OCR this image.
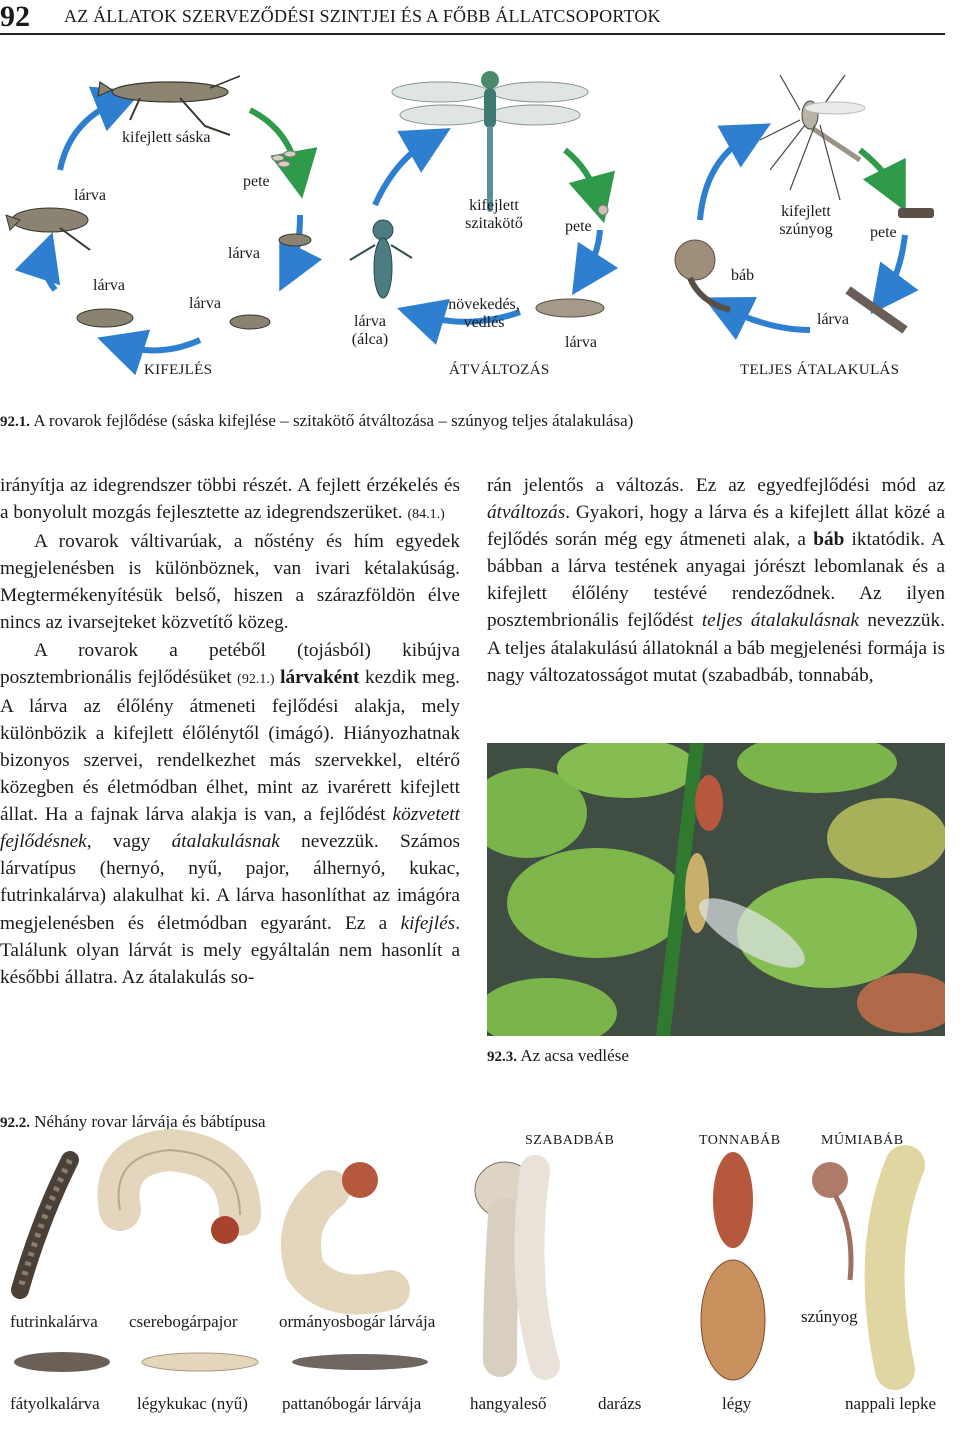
92 AZ ÁLLATOK SZERVEZŐDÉSI SZINTJEI ÉS A FŐBB ÁLLATCSOPORTOK
kifejlett sáska
pete
lárva
lárva
lárva
lárva
KIFEJLÉS
kifejlett szitakötő	pete
növekedés, vedlés
lárva
lárva (álca)
ÁTVÁLTOZÁS
kifejlett szúnyog	pete
báb
lárva
TELJES ÁTALAKULÁS
92.1. A rovarok fejlődése (sáska kifejlése – szitakötő átváltozása – szúnyog teljes átalakulása)

irányítja az idegrendszer többi részét. A fejlett érzékelés és a bonyolult mozgás fejlesztette az idegrendszerüket. (84.1.)

A rovarok váltivarúak, a nőstény és hím egyedek megjelenésben is különböznek, van ivari kétalakúság. Megtermékenyítésük belső, hiszen a szárazföldön élve nincs az ivarsejteket közvetítő közeg.

A rovarok a petéből (tojásból) kibújva posztembrionális fejlődésüket (92.1.) lárvaként kezdik meg. A lárva az élőlény átmeneti fejlődési alakja, mely különbözik a kifejlett élőlénytől (imágó). Hiányozhatnak bizonyos szervei, rendelkezhet más szervekkel, eltérő közegben és életmódban élhet, mint az ivarérett kifejlett állat. Ha a fajnak lárva alakja is van, a fejlődést közvetett fejlődésnek, vagy átalakulásnak nevezzük. Számos lárvatípus (hernyó, nyű, pajor, álhernyó, kukac, futrinkalárva) alakulhat ki. A lárva hasonlíthat az imágóra megjelenésben és életmódban egyaránt. Ez a kifejlés. Találunk olyan lárvát is mely egyáltalán nem hasonlít a későbbi állatra. Az átalakulás so-

rán jelentős a változás. Ez az egyedfejlődési mód az átváltozás. Gyakori, hogy a lárva és a kifejlett állat közé a fejlődés során még egy átmeneti alak, a báb iktatódik. A bábban a lárva testének anyagai jórészt lebomlanak és a kifejlett élőlény testévé rendeződnek. Az ilyen posztembrionális fejlődést teljes átalakulásnak nevezzük. A teljes átalakulású állatoknál a báb megjelenési formája is nagy változatosságot mutat (szabadbáb, tonnabáb,

92.3. Az acsa vedlése
92.2. Néhány rovar lárvája és bábtípusa
SZABADBÁB	TONNABÁB	MÚMIABÁB
futrinkalárva cserebogárpajor ormányosbogár lárvája	szúnyog
fátyolkalárva légykukac (nyű) pattanóbogár lárvája	hangyaleső	darázs	légy	nappali lepke
